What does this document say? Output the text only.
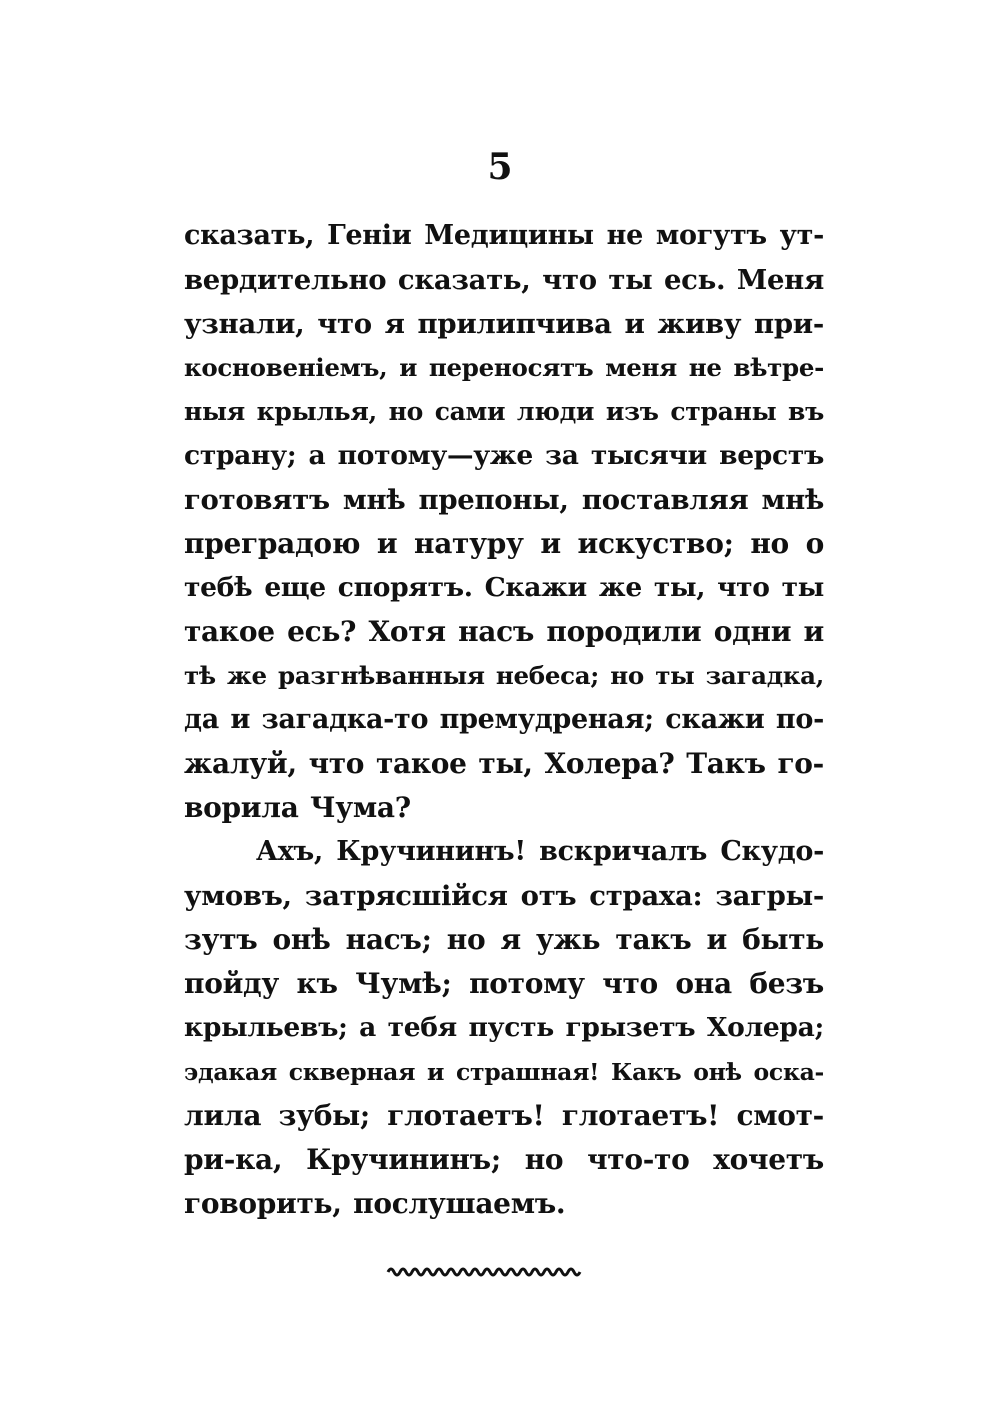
5
сказать, Генiи Медицины не могутъ ут-
вердительно сказать, что ты есь. Меня
узнали, что я прилипчива и живу при-
косновенiемъ, и переносятъ меня не вѣтре-
ныя крылья, но сами люди изъ страны въ
страну; а потому—уже за тысячи верстъ
готовятъ мнѣ препоны, поставляя мнѣ
преградою и натуру и искуство; но о
тебѣ еще спорятъ. Скажи же ты, что ты
такое есь? Хотя насъ породили одни и
тѣ же разгнѣванныя небеса; но ты загадка,
да и загадка-то премудреная; скажи по-
жалуй, что такое ты, Холера? Такъ го-
ворила Чума?
Ахъ, Кручининъ! вскричалъ Скудо-
умовъ, затрясшiйся отъ страха: загры-
зутъ онѣ насъ; но я ужь такъ и быть
пойду къ Чумѣ; потому что она безъ
крыльевъ; а тебя пусть грызетъ Холера;
эдакая скверная и страшная! Какъ онѣ оска-
лила зубы; глотаетъ! глотаетъ! смот-
ри-ка, Кручининъ; но что-то хочетъ
говорить, послушаемъ.
